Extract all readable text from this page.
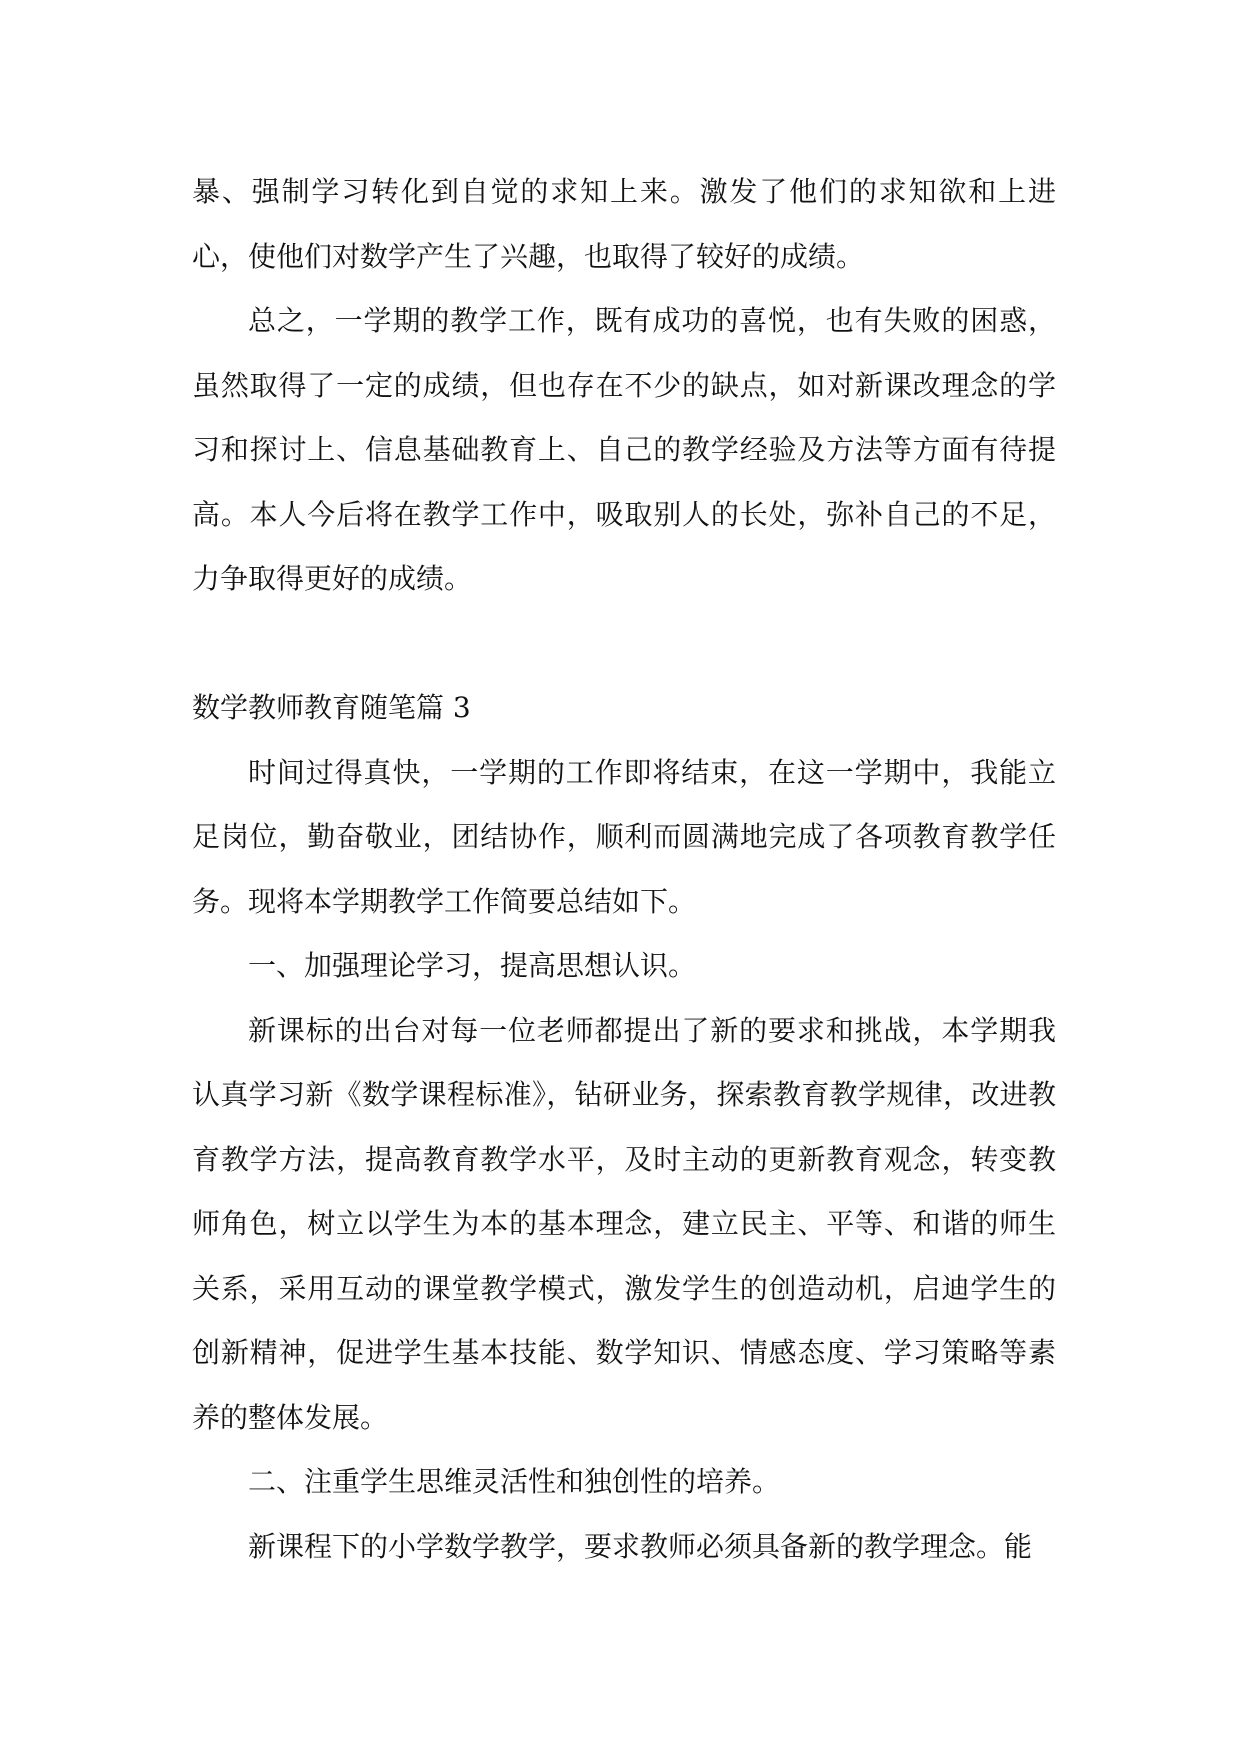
暴、强制学习转化到自觉的求知上来。激发了他们的求知欲和上进心，使他们对数学产生了兴趣，也取得了较好的成绩。

总之，一学期的教学工作，既有成功的喜悦，也有失败的困惑，虽然取得了一定的成绩，但也存在不少的缺点，如对新课改理念的学习和探讨上、信息基础教育上、自己的教学经验及方法等方面有待提高。本人今后将在教学工作中，吸取别人的长处，弥补自己的不足，力争取得更好的成绩。

数学教师教育随笔篇 3

时间过得真快，一学期的工作即将结束，在这一学期中，我能立足岗位，勤奋敬业，团结协作，顺利而圆满地完成了各项教育教学任务。现将本学期教学工作简要总结如下。

一、加强理论学习，提高思想认识。

新课标的出台对每一位老师都提出了新的要求和挑战，本学期我认真学习新《数学课程标准》，钻研业务，探索教育教学规律，改进教育教学方法，提高教育教学水平，及时主动的更新教育观念，转变教师角色，树立以学生为本的基本理念，建立民主、平等、和谐的师生关系，采用互动的课堂教学模式，激发学生的创造动机，启迪学生的创新精神，促进学生基本技能、数学知识、情感态度、学习策略等素养的整体发展。

二、注重学生思维灵活性和独创性的培养。

新课程下的小学数学教学，要求教师必须具备新的教学理念。能
